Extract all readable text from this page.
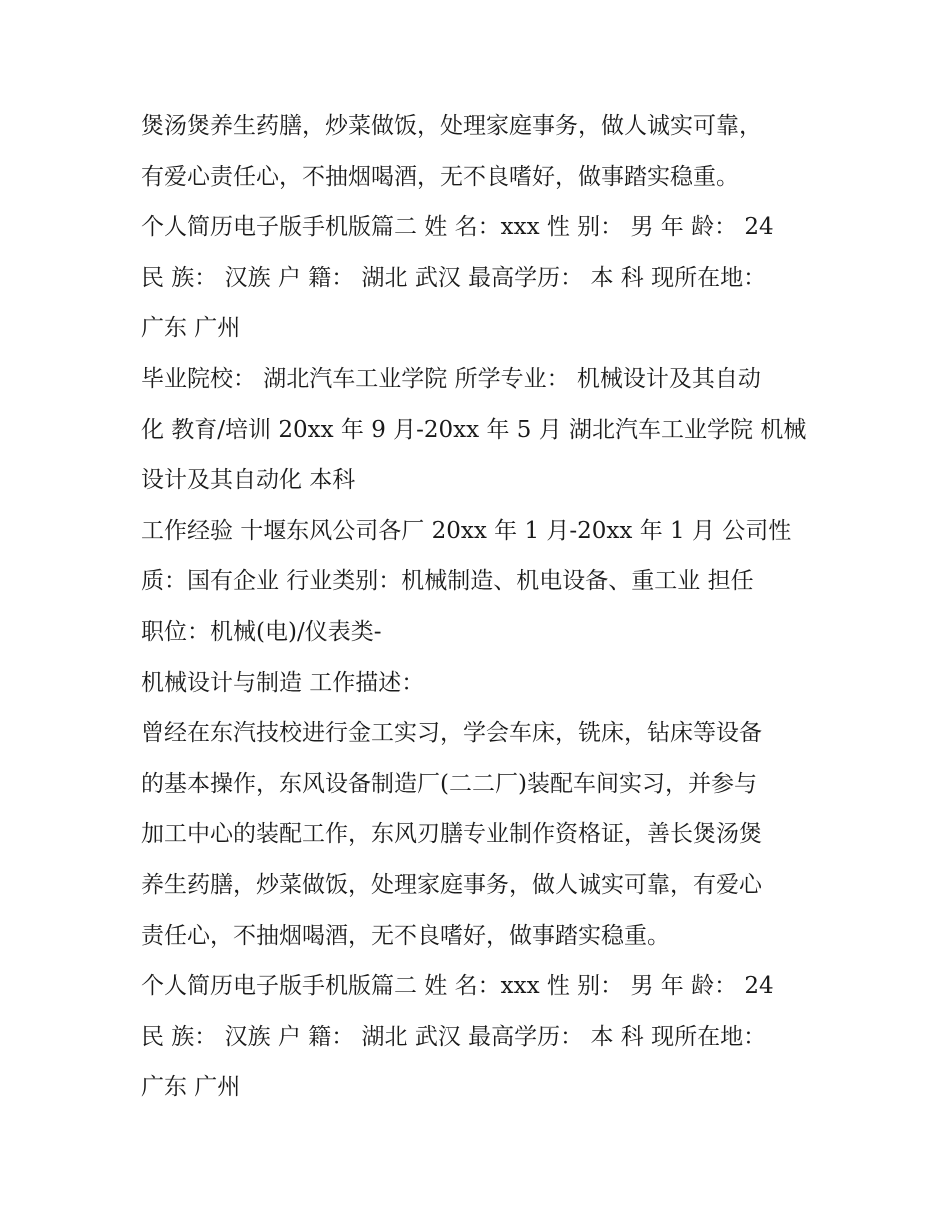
煲汤煲养生药膳，炒菜做饭，处理家庭事务，做人诚实可靠，
有爱心责任心，不抽烟喝酒，无不良嗜好，做事踏实稳重。
个人简历电子版手机版篇二 姓 名：xxx 性 别： 男 年 龄： 24
民 族： 汉族 户 籍： 湖北 武汉 最高学历： 本 科 现所在地：
广东 广州
毕业院校： 湖北汽车工业学院 所学专业： 机械设计及其自动
化 教育/培训 20xx 年 9 月-20xx 年 5 月 湖北汽车工业学院 机械
设计及其自动化 本科
工作经验 十堰东风公司各厂 20xx 年 1 月-20xx 年 1 月 公司性
质：国有企业 行业类别：机械制造、机电设备、重工业 担任
职位：机械(电)/仪表类-
机械设计与制造 工作描述：
曾经在东汽技校进行金工实习，学会车床，铣床，钻床等设备
的基本操作，东风设备制造厂(二二厂)装配车间实习，并参与
加工中心的装配工作，东风刃膳专业制作资格证，善长煲汤煲
养生药膳，炒菜做饭，处理家庭事务，做人诚实可靠，有爱心
责任心，不抽烟喝酒，无不良嗜好，做事踏实稳重。
个人简历电子版手机版篇二 姓 名：xxx 性 别： 男 年 龄： 24
民 族： 汉族 户 籍： 湖北 武汉 最高学历： 本 科 现所在地：
广东 广州
